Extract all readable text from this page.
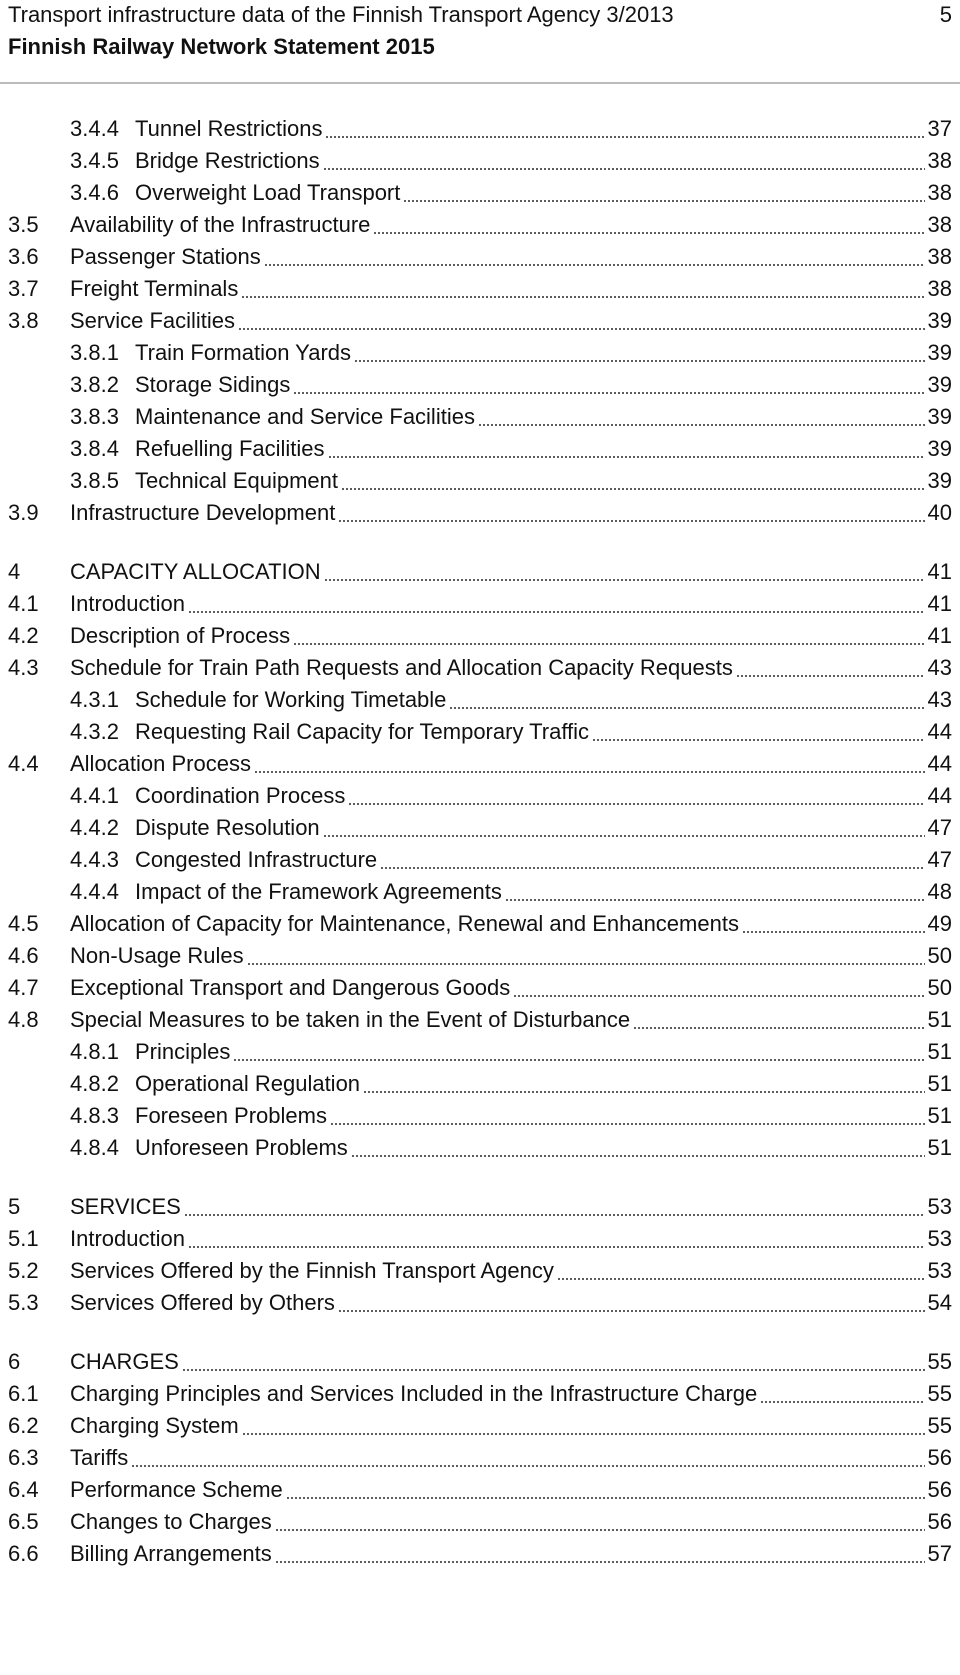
Transport infrastructure data of the Finnish Transport Agency 3/2013
Finnish Railway Network Statement 2015
5
3.4.4 Tunnel Restrictions	37
3.4.5 Bridge Restrictions	38
3.4.6 Overweight Load Transport	38
3.5 Availability of the Infrastructure	38
3.6 Passenger Stations	38
3.7 Freight Terminals	38
3.8 Service Facilities	39
3.8.1 Train Formation Yards	39
3.8.2 Storage Sidings	39
3.8.3 Maintenance and Service Facilities	39
3.8.4 Refuelling Facilities	39
3.8.5 Technical Equipment	39
3.9 Infrastructure Development	40
4 CAPACITY ALLOCATION	41
4.1 Introduction	41
4.2 Description of Process	41
4.3 Schedule for Train Path Requests and Allocation Capacity Requests	43
4.3.1 Schedule for Working Timetable	43
4.3.2 Requesting Rail Capacity for Temporary Traffic	44
4.4 Allocation Process	44
4.4.1 Coordination Process	44
4.4.2 Dispute Resolution	47
4.4.3 Congested Infrastructure	47
4.4.4 Impact of the Framework Agreements	48
4.5 Allocation of Capacity for Maintenance, Renewal and Enhancements	49
4.6 Non-Usage Rules	50
4.7 Exceptional Transport and Dangerous Goods	50
4.8 Special Measures to be taken in the Event of Disturbance	51
4.8.1 Principles	51
4.8.2 Operational Regulation	51
4.8.3 Foreseen Problems	51
4.8.4 Unforeseen Problems	51
5 SERVICES	53
5.1 Introduction	53
5.2 Services Offered by the Finnish Transport Agency	53
5.3 Services Offered by Others	54
6 CHARGES	55
6.1 Charging Principles and Services Included in the Infrastructure Charge	55
6.2 Charging System	55
6.3 Tariffs	56
6.4 Performance Scheme	56
6.5 Changes to Charges	56
6.6 Billing Arrangements	57
